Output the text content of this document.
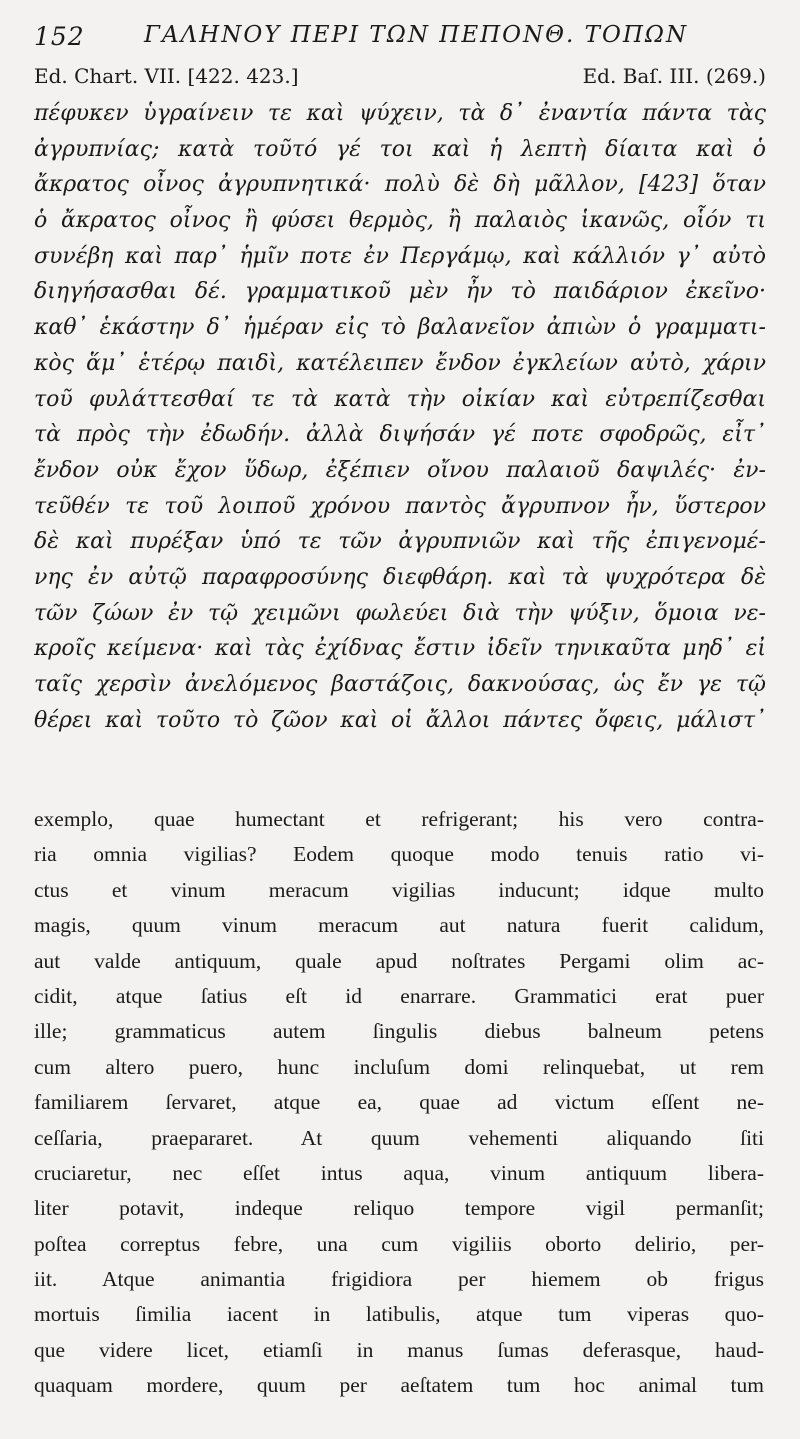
152	ΓΑΛΗΝΟΥ ΠΕΡΙ ΤΩΝ ΠΕΠΟΝΘ. ΤΟΠΩΝ
Ed. Chart. VII. [422. 423.]	Ed. Baſ. III. (269.)
πέφυκεν ὑγραίνειν τε καὶ ψύχειν, τὰ δ᾽ ἐναντία πάντα τὰς
ἀγρυπνίας; κατὰ τοῦτό γέ τοι καὶ ἡ λεπτὴ δίαιτα καὶ ὁ
ἄκρατος οἶνος ἀγρυπνητικά· πολὺ δὲ δὴ μᾶλλον, [423] ὅταν
ὁ ἄκρατος οἶνος ἢ φύσει θερμὸς, ἢ παλαιὸς ἱκανῶς, οἷόν τι
συνέβη καὶ παρ᾽ ἡμῖν ποτε ἐν Περγάμῳ, καὶ κάλλιόν γ᾽ αὐτὸ
διηγήσασθαι δέ. γραμματικοῦ μὲν ἦν τὸ παιδάριον ἐκεῖνο·
καθ᾽ ἑκάστην δ᾽ ἡμέραν εἰς τὸ βαλανεῖον ἀπιὼν ὁ γραμματι-
κὸς ἅμ᾽ ἑτέρῳ παιδὶ, κατέλειπεν ἔνδον ἐγκλείων αὐτὸ, χάριν
τοῦ φυλάττεσθαί τε τὰ κατὰ τὴν οἰκίαν καὶ εὐτρεπίζεσθαι
τὰ πρὸς τὴν ἐδωδήν. ἀλλὰ διψήσάν γέ ποτε σφοδρῶς, εἶτ᾽
ἔνδον οὐκ ἔχον ὕδωρ, ἐξέπιεν οἴνου παλαιοῦ δαψιλές· ἐν-
τεῦθέν τε τοῦ λοιποῦ χρόνου παντὸς ἄγρυπνον ἦν, ὕστερον
δὲ καὶ πυρέξαν ὑπό τε τῶν ἀγρυπνιῶν καὶ τῆς ἐπιγενομέ-
νης ἐν αὐτῷ παραφροσύνης διεφθάρη. καὶ τὰ ψυχρότερα δὲ
τῶν ζώων ἐν τῷ χειμῶνι φωλεύει διὰ τὴν ψύξιν, ὅμοια νε-
κροῖς κείμενα· καὶ τὰς ἐχίδνας ἔστιν ἰδεῖν τηνικαῦτα μηδ᾽ εἰ
ταῖς χερσὶν ἀνελόμενος βαστάζοις, δακνούσας, ὡς ἔν γε τῷ
θέρει καὶ τοῦτο τὸ ζῶον καὶ οἱ ἄλλοι πάντες ὄφεις, μάλιστ᾽
exemplo, quae humectant et refrigerant; his vero contra-
ria omnia vigilias? Eodem quoque modo tenuis ratio vi-
ctus et vinum meracum vigilias inducunt; idque multo
magis, quum vinum meracum aut natura fuerit calidum,
aut valde antiquum, quale apud noſtrates Pergami olim ac-
cidit, atque ſatius eſt id enarrare. Grammatici erat puer
ille; grammaticus autem ſingulis diebus balneum petens
cum altero puero, hunc incluſum domi relinquebat, ut rem
familiarem ſervaret, atque ea, quae ad victum eſſent ne-
ceſſaria, praepararet. At quum vehementi aliquando ſiti
cruciaretur, nec eſſet intus aqua, vinum antiquum libera-
liter potavit, indeque reliquo tempore vigil permanſit;
poſtea correptus febre, una cum vigiliis oborto delirio, per-
iit. Atque animantia frigidiora per hiemem ob frigus
mortuis ſimilia iacent in latibulis, atque tum viperas quo-
que videre licet, etiamſi in manus ſumas deferasque, haud-
quaquam mordere, quum per aeſtatem tum hoc animal tum
